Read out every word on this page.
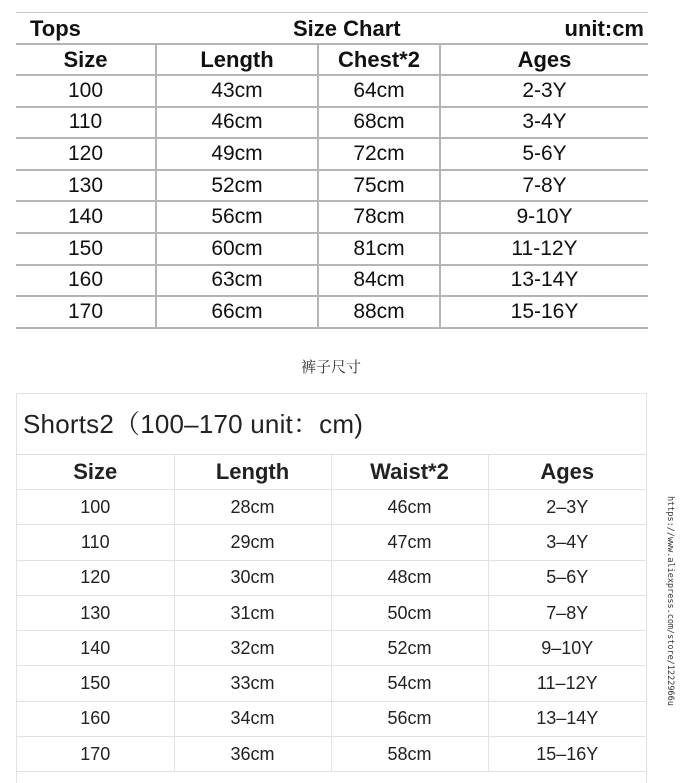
Tops	Size Chart	unit:cm
Size	Length	Chest*2	Ages
100	43cm	64cm	2-3Y
110	46cm	68cm	3-4Y
120	49cm	72cm	5-6Y
130	52cm	75cm	7-8Y
140	56cm	78cm	9-10Y
150	60cm	81cm	11-12Y
160	63cm	84cm	13-14Y
170	66cm	88cm	15-16Y
裤子尺寸
Shorts2（100–170 unit：cm)
Size	Length	Waist*2	Ages
100	28cm	46cm	2–3Y
110	29cm	47cm	3–4Y
120	30cm	48cm	5–6Y
130	31cm	50cm	7–8Y
140	32cm	52cm	9–10Y
150	33cm	54cm	11–12Y
160	34cm	56cm	13–14Y
170	36cm	58cm	15–16Y
https://www.aliexpress.com/store/1222966u
